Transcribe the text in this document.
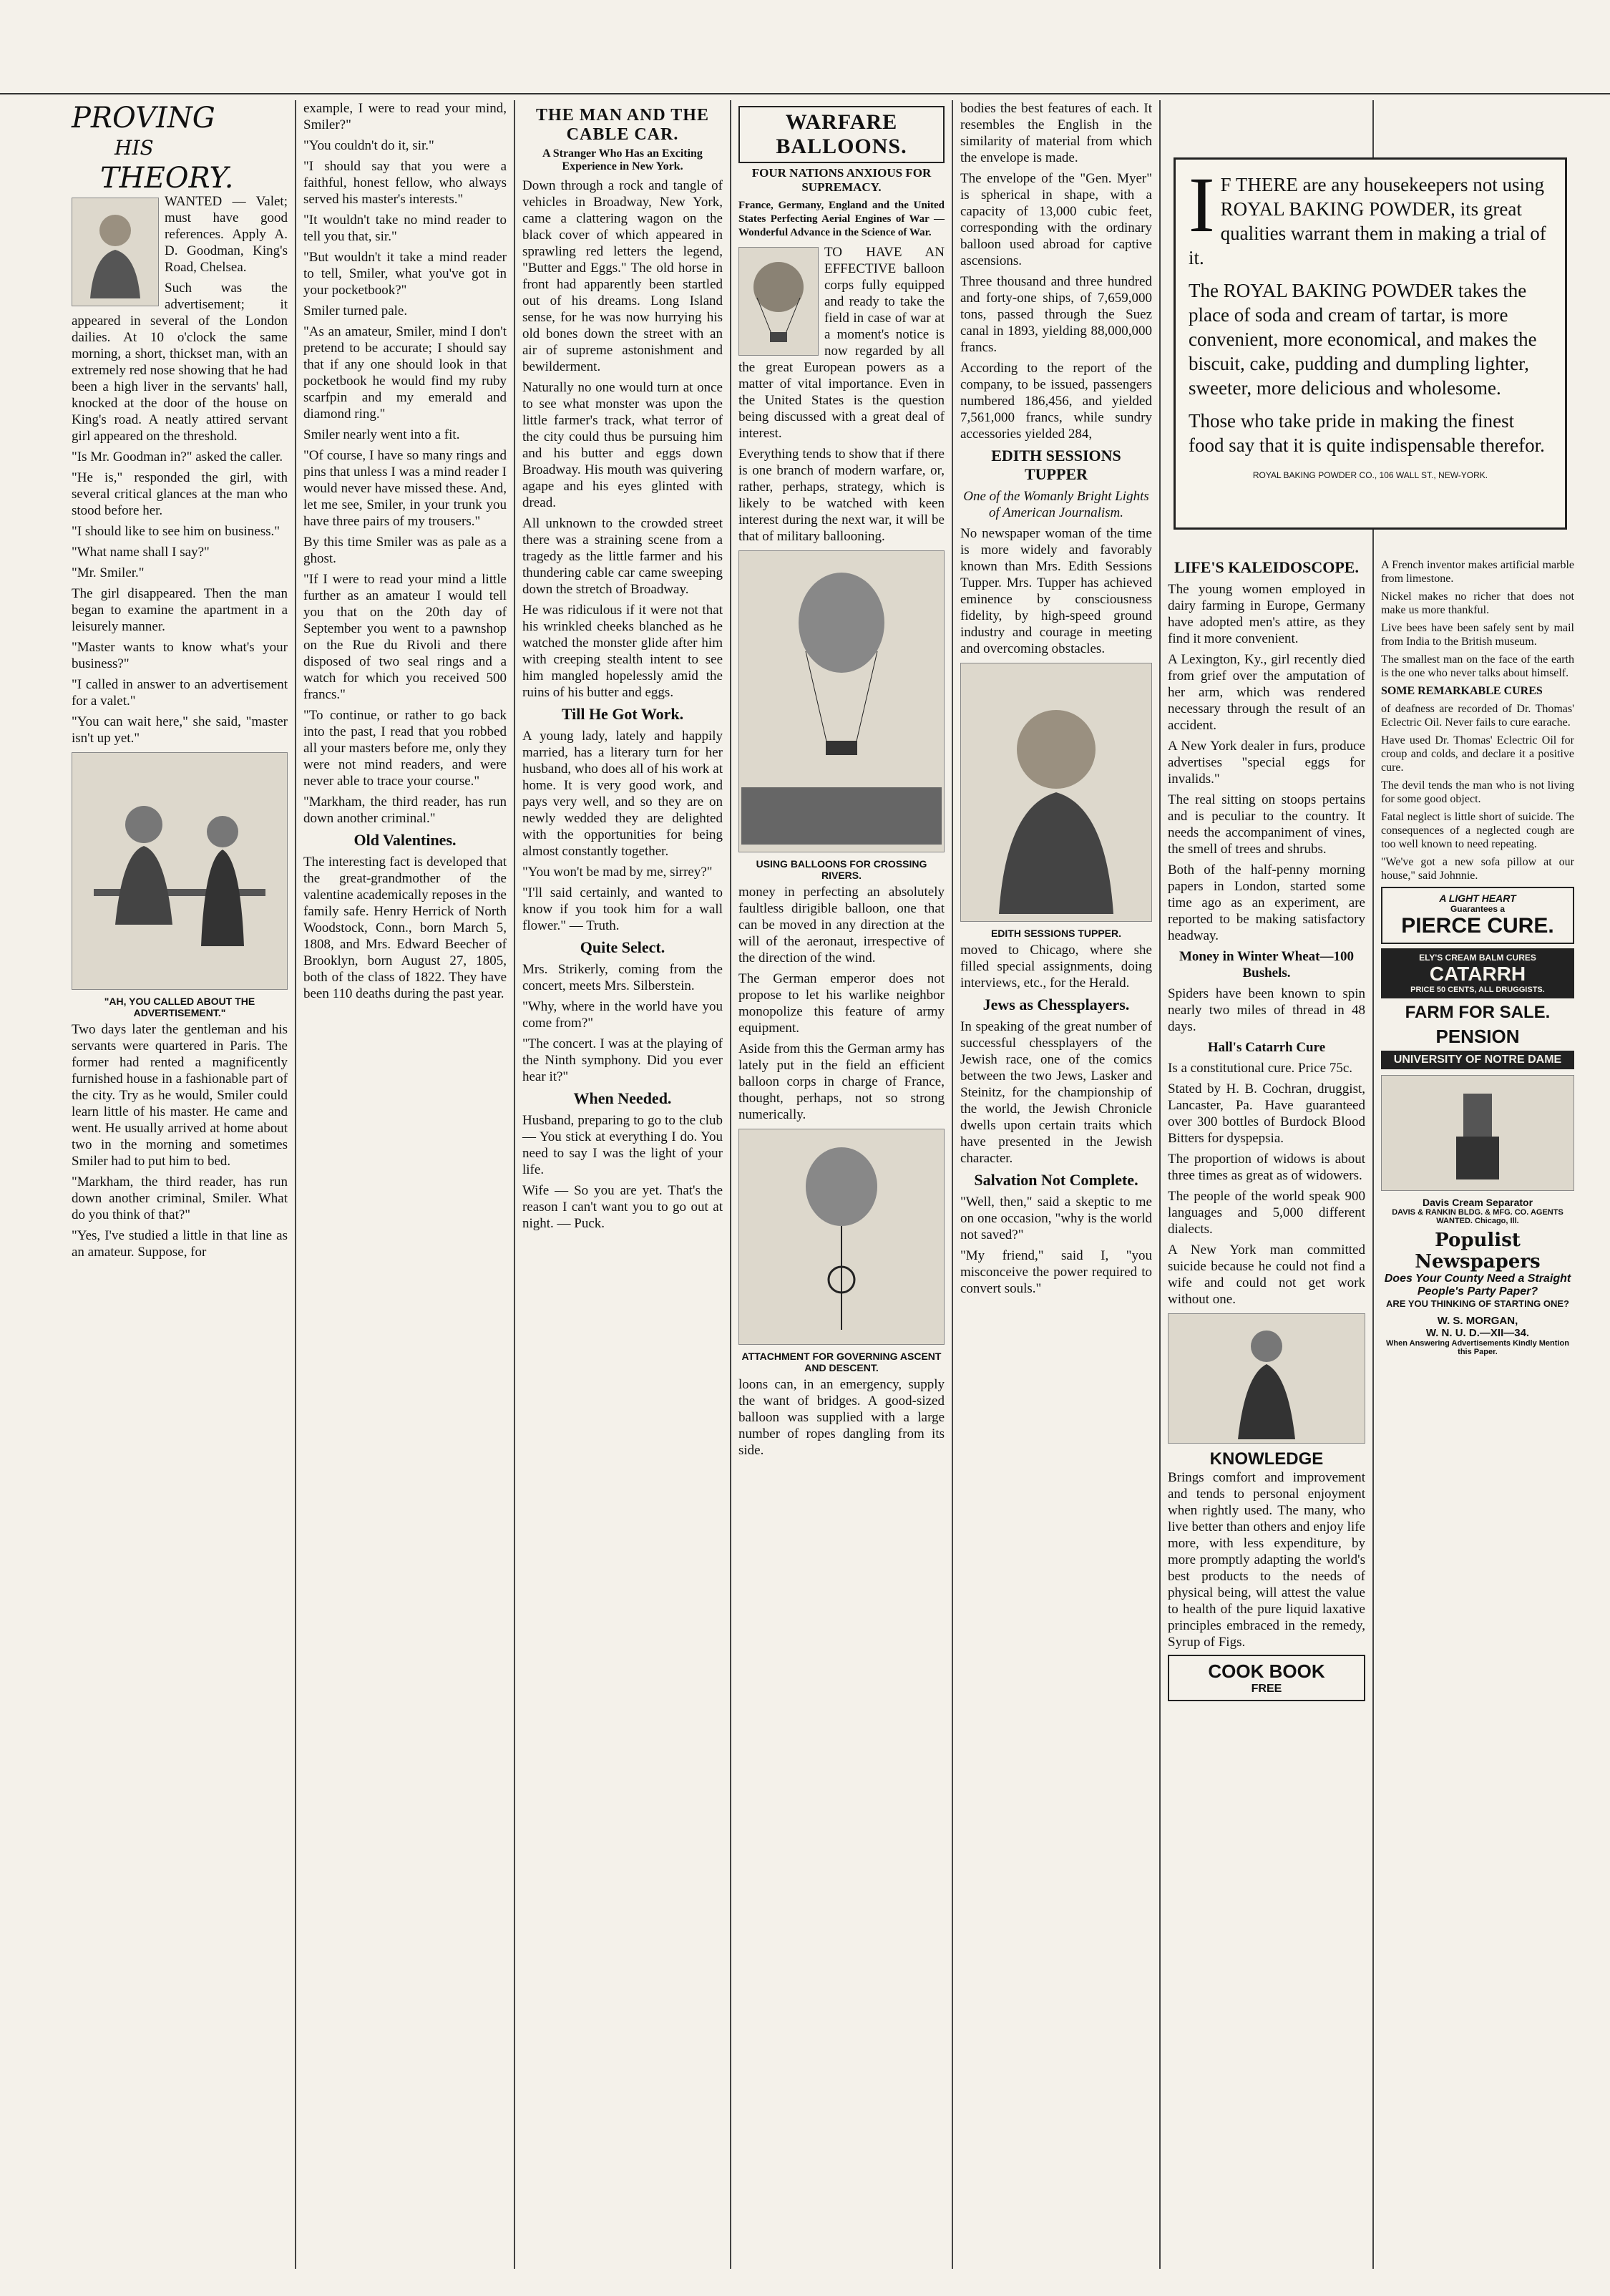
PROVING
HIS
THEORY.

WANTED — Valet; must have good references. Apply A. D. Goodman, King's Road, Chelsea.

Such was the advertisement; it appeared in several of the London dailies. At 10 o'clock the same morning, a short, thickset man, with an extremely red nose showing that he had been a high liver in the servants' hall, knocked at the door of the house on King's road. A neatly attired servant girl appeared on the threshold.

"Is Mr. Goodman in?" asked the caller.

"He is," responded the girl, with several critical glances at the man who stood before her.

"I should like to see him on business."

"What name shall I say?"

"Mr. Smiler."

The girl disappeared. Then the man began to examine the apartment in a leisurely manner.

"Master wants to know what's your business?"

"I called in answer to an advertisement for a valet."

"You can wait here," she said, "master isn't up yet."

"AH, YOU CALLED ABOUT THE ADVERTISEMENT."

Two days later the gentleman and his servants were quartered in Paris. The former had rented a magnificently furnished house in a fashionable part of the city. Try as he would, Smiler could learn little of his master. He came and went. He usually arrived at home about two in the morning and sometimes Smiler had to put him to bed.

"Markham, the third reader, has run down another criminal, Smiler. What do you think of that?"

"Yes, I've studied a little in that line as an amateur. Suppose, for

example, I were to read your mind, Smiler?"

"You couldn't do it, sir."

"I should say that you were a faithful, honest fellow, who always served his master's interests."

"It wouldn't take no mind reader to tell you that, sir."

"But wouldn't it take a mind reader to tell, Smiler, what you've got in your pocketbook?"

Smiler turned pale.

"As an amateur, Smiler, mind I don't pretend to be accurate; I should say that if any one should look in that pocketbook he would find my ruby scarfpin and my emerald and diamond ring."

Smiler nearly went into a fit.

"Of course, I have so many rings and pins that unless I was a mind reader I would never have missed these. And, let me see, Smiler, in your trunk you have three pairs of my trousers."

By this time Smiler was as pale as a ghost.

"If I were to read your mind a little further as an amateur I would tell you that on the 20th day of September you went to a pawnshop on the Rue du Rivoli and there disposed of two seal rings and a watch for which you received 500 francs."

"To continue, or rather to go back into the past, I read that you robbed all your masters before me, only they were not mind readers, and were never able to trace your course."

"Markham, the third reader, has run down another criminal."

Old Valentines.

The interesting fact is developed that the great-grandmother of the valentine academically reposes in the family safe. Henry Herrick of North Woodstock, Conn., born March 5, 1808, and Mrs. Edward Beecher of Brooklyn, born August 27, 1805, both of the class of 1822. They have been 110 deaths during the past year.

THE MAN AND THE CABLE CAR.
A Stranger Who Has an Exciting Experience in New York.

Down through a rock and tangle of vehicles in Broadway, New York, came a clattering wagon on the black cover of which appeared in sprawling red letters the legend, "Butter and Eggs." The old horse in front had apparently been startled out of his dreams. Long Island sense, for he was now hurrying his old bones down the street with an air of supreme astonishment and bewilderment.

Naturally no one would turn at once to see what monster was upon the little farmer's track, what terror of the city could thus be pursuing him and his butter and eggs down Broadway. His mouth was quivering agape and his eyes glinted with dread.

All unknown to the crowded street there was a straining scene from a tragedy as the little farmer and his thundering cable car came sweeping down the stretch of Broadway.

He was ridiculous if it were not that his wrinkled cheeks blanched as he watched the monster glide after him with creeping stealth intent to see him mangled hopelessly amid the ruins of his butter and eggs.

Till He Got Work.

A young lady, lately and happily married, has a literary turn for her husband, who does all of his work at home. It is very good work, and pays very well, and so they are on newly wedded they are delighted with the opportunities for being almost constantly together.

"You won't be mad by me, sirrey?"

"I'll said certainly, and wanted to know if you took him for a wall flower." — Truth.

Quite Select.

Mrs. Strikerly, coming from the concert, meets Mrs. Silberstein.

"Why, where in the world have you come from?"

"The concert. I was at the playing of the Ninth symphony. Did you ever hear it?"

When Needed.

Husband, preparing to go to the club — You stick at everything I do. You need to say I was the light of your life.

Wife — So you are yet. That's the reason I can't want you to go out at night. — Puck.

WARFARE BALLOONS.
FOUR NATIONS ANXIOUS FOR SUPREMACY.

France, Germany, England and the United States Perfecting Aerial Engines of War — Wonderful Advance in the Science of War.

TO HAVE AN EFFECTIVE balloon corps fully equipped and ready to take the field in case of war at a moment's notice is now regarded by all the great European powers as a matter of vital importance. Even in the United States is the question being discussed with a great deal of interest.

Everything tends to show that if there is one branch of modern warfare, or, rather, perhaps, strategy, which is likely to be watched with keen interest during the next war, it will be that of military ballooning.

USING BALLOONS FOR CROSSING RIVERS.

money in perfecting an absolutely faultless dirigible balloon, one that can be moved in any direction at the will of the aeronaut, irrespective of the direction of the wind.

The German emperor does not propose to let his warlike neighbor monopolize this feature of army equipment.

Aside from this the German army has lately put in the field an efficient balloon corps in charge of France, thought, perhaps, not so strong numerically.

ATTACHMENT FOR GOVERNING ASCENT AND DESCENT.

loons can, in an emergency, supply the want of bridges. A good-sized balloon was supplied with a large number of ropes dangling from its side.

bodies the best features of each. It resembles the English in the similarity of material from which the envelope is made.

The envelope of the "Gen. Myer" is spherical in shape, with a capacity of 13,000 cubic feet, corresponding with the ordinary balloon used abroad for captive ascensions.

Three thousand and three hundred and forty-one ships, of 7,659,000 tons, passed through the Suez canal in 1893, yielding 88,000,000 francs.

According to the report of the company, to be issued, passengers numbered 186,456, and yielded 7,561,000 francs, while sundry accessories yielded 284,

EDITH SESSIONS TUPPER

One of the Womanly Bright Lights of American Journalism.

No newspaper woman of the time is more widely and favorably known than Mrs. Edith Sessions Tupper. Mrs. Tupper has achieved eminence by consciousness fidelity, by high-speed ground industry and courage in meeting and overcoming obstacles.

EDITH SESSIONS TUPPER.

moved to Chicago, where she filled special assignments, doing interviews, etc., for the Herald.

Jews as Chessplayers.

In speaking of the great number of successful chessplayers of the Jewish race, one of the comics between the two Jews, Lasker and Steinitz, for the championship of the world, the Jewish Chronicle dwells upon certain traits which have presented in the Jewish character.

Salvation Not Complete.

"Well, then," said a skeptic to me on one occasion, "why is the world not saved?"

"My friend," said I, "you misconceive the power required to convert souls."

I F THERE are any housekeepers not using ROYAL BAKING POWDER, its great qualities warrant them in making a trial of it.

The ROYAL BAKING POWDER takes the place of soda and cream of tartar, is more convenient, more economical, and makes the biscuit, cake, pudding and dumpling lighter, sweeter, more delicious and wholesome.

Those who take pride in making the finest food say that it is quite indispensable therefor.

ROYAL BAKING POWDER CO., 106 WALL ST., NEW-YORK.
LIFE'S KALEIDOSCOPE.

The young women employed in dairy farming in Europe, Germany have adopted men's attire, as they find it more convenient.

A Lexington, Ky., girl recently died from grief over the amputation of her arm, which was rendered necessary through the result of an accident.

A New York dealer in furs, produce advertises "special eggs for invalids."

The real sitting on stoops pertains and is peculiar to the country. It needs the accompaniment of vines, the smell of trees and shrubs.

Both of the half-penny morning papers in London, started some time ago as an experiment, are reported to be making satisfactory headway.

Money in Winter Wheat—100 Bushels.

Spiders have been known to spin nearly two miles of thread in 48 days.

Hall's Catarrh Cure

Is a constitutional cure. Price 75c.

Stated by H. B. Cochran, druggist, Lancaster, Pa. Have guaranteed over 300 bottles of Burdock Blood Bitters for dyspepsia.

The proportion of widows is about three times as great as of widowers.

The people of the world speak 900 languages and 5,000 different dialects.

A New York man committed suicide because he could not find a wife and could not get work without one.

KNOWLEDGE

Brings comfort and improvement and tends to personal enjoyment when rightly used. The many, who live better than others and enjoy life more, with less expenditure, by more promptly adapting the world's best products to the needs of physical being, will attest the value to health of the pure liquid laxative principles embraced in the remedy, Syrup of Figs.

COOK BOOK
FREE

A French inventor makes artificial marble from limestone.

Nickel makes no richer that does not make us more thankful.

Live bees have been safely sent by mail from India to the British museum.

The smallest man on the face of the earth is the one who never talks about himself.

SOME REMARKABLE CURES

of deafness are recorded of Dr. Thomas' Eclectric Oil. Never fails to cure earache.

Have used Dr. Thomas' Eclectric Oil for croup and colds, and declare it a positive cure.

The devil tends the man who is not living for some good object.

Fatal neglect is little short of suicide. The consequences of a neglected cough are too well known to need repeating.

"We've got a new sofa pillow at our house," said Johnnie.

A LIGHT HEART
Guarantees a
PIERCE CURE.
ELY'S CREAM BALM CURES
CATARRH
PRICE 50 CENTS, ALL DRUGGISTS.
FARM FOR SALE.
PENSION
UNIVERSITY OF NOTRE DAME
Davis Cream Separator
DAVIS & RANKIN BLDG. & MFG. CO. AGENTS WANTED. Chicago, Ill.
Populist Newspapers
Does Your County Need a Straight People's Party Paper?
ARE YOU THINKING OF STARTING ONE?
W. S. MORGAN,
W. N. U. D.—XII—34.
When Answering Advertisements Kindly Mention this Paper.
